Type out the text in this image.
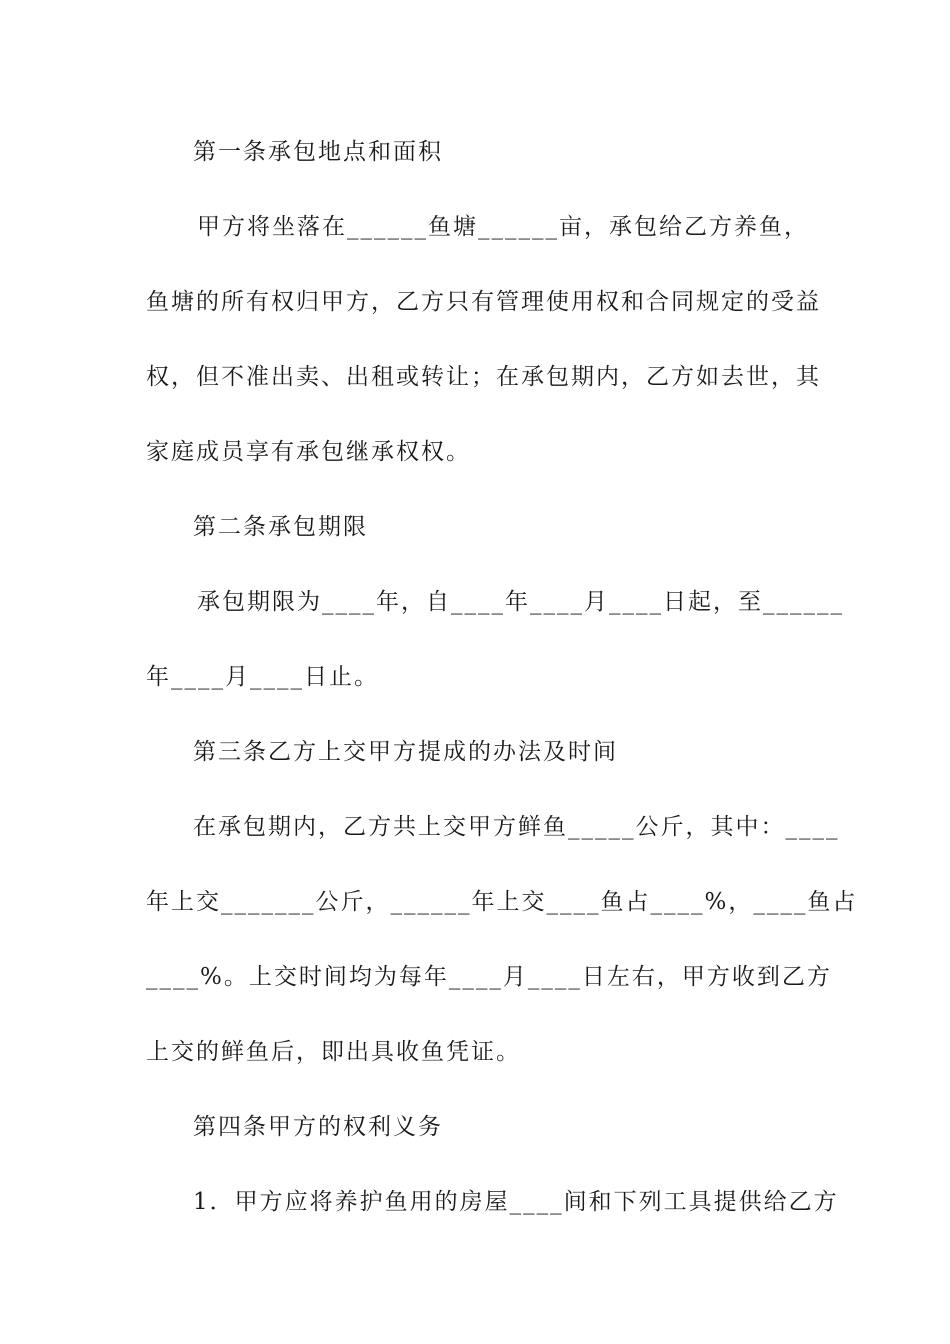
第一条承包地点和面积
甲方将坐落在______鱼塘______亩，承包给乙方养鱼，
鱼塘的所有权归甲方，乙方只有管理使用权和合同规定的受益
权，但不准出卖、出租或转让；在承包期内，乙方如去世，其
家庭成员享有承包继承权权。
第二条承包期限
承包期限为____年，自____年____月____日起，至______
年____月____日止。
第三条乙方上交甲方提成的办法及时间
在承包期内，乙方共上交甲方鲜鱼_____公斤，其中：____
年上交_______公斤，______年上交____鱼占____%，____鱼占
____%。上交时间均为每年____月____日左右，甲方收到乙方
上交的鲜鱼后，即出具收鱼凭证。
第四条甲方的权利义务
1．甲方应将养护鱼用的房屋____间和下列工具提供给乙方
